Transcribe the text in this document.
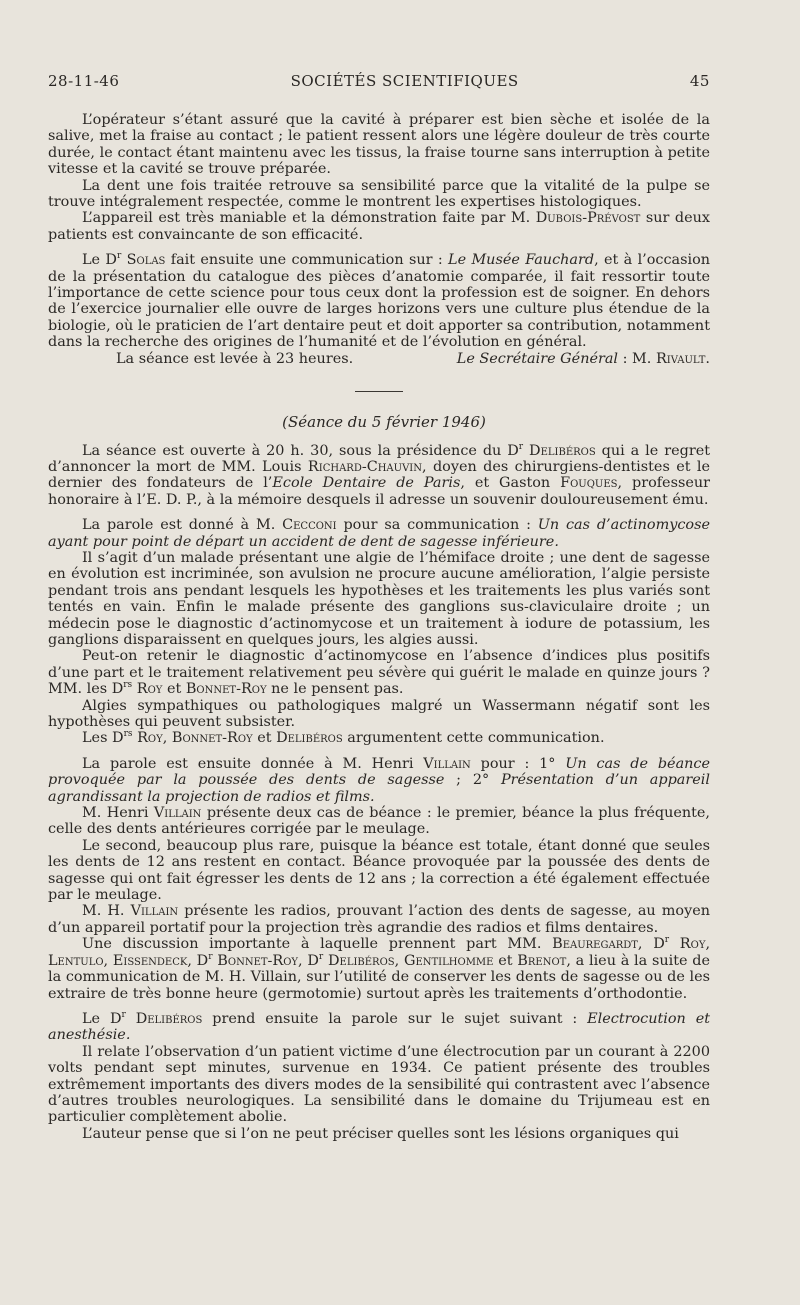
28-11-46	SOCIÉTÉS SCIENTIFIQUES	45

L’opérateur s’étant assuré que la cavité à préparer est bien sèche et isolée de la salive, met la fraise au contact ; le patient ressent alors une légère douleur de très courte durée, le contact étant maintenu avec les tissus, la fraise tourne sans interruption à petite vitesse et la cavité se trouve préparée.

La dent une fois traitée retrouve sa sensibilité parce que la vitalité de la pulpe se trouve intégralement respectée, comme le montrent les expertises histologiques.

L’appareil est très maniable et la démonstration faite par M. Dubois-Prévost sur deux patients est convaincante de son efficacité.

Le $D^r$ Solas fait ensuite une communication sur : Le Musée Fauchard, et à l’occasion de la présentation du catalogue des pièces d’anatomie comparée, il fait ressortir toute l’importance de cette science pour tous ceux dont la profession est de soigner. En dehors de l’exercice journalier elle ouvre de larges horizons vers une culture plus étendue de la biologie, où le praticien de l’art dentaire peut et doit apporter sa contribution, notamment dans la recherche des origines de l’humanité et de l’évolution en général.

La séance est levée à 23 heures.	Le Secrétaire Général : M. Rivault.

(Séance du 5 février 1946)

La séance est ouverte à 20 h. 30, sous la présidence du $D^r$ Delibéros qui a le regret d’annoncer la mort de MM. Louis Richard-Chauvin, doyen des chirurgiens-dentistes et le dernier des fondateurs de l’Ecole Dentaire de Paris, et Gaston Fouques, professeur honoraire à l’E. D. P., à la mémoire desquels il adresse un souvenir douloureusement ému.

La parole est donné à M. Cecconi pour sa communication : Un cas d’actinomycose ayant pour point de départ un accident de dent de sagesse inférieure.

Il s’agit d’un malade présentant une algie de l’hémiface droite ; une dent de sagesse en évolution est incriminée, son avulsion ne procure aucune amélioration, l’algie persiste pendant trois ans pendant lesquels les hypothèses et les traitements les plus variés sont tentés en vain. Enfin le malade présente des ganglions sus-claviculaire droite ; un médecin pose le diagnostic d’actinomycose et un traitement à iodure de potassium, les ganglions disparaissent en quelques jours, les algies aussi.

Peut-on retenir le diagnostic d’actinomycose en l’absence d’indices plus positifs d’une part et le traitement relativement peu sévère qui guérit le malade en quinze jours ? MM. les $D^{rs}$ Roy et Bonnet-Roy ne le pensent pas.

Algies sympathiques ou pathologiques malgré un Wassermann négatif sont les hypothèses qui peuvent subsister.

Les $D^{rs}$ Roy, Bonnet-Roy et Delibéros argumentent cette communication.

La parole est ensuite donnée à M. Henri Villain pour : 1° Un cas de béance provoquée par la poussée des dents de sagesse ; 2° Présentation d’un appareil agrandissant la projection de radios et films.

M. Henri Villain présente deux cas de béance : le premier, béance la plus fréquente, celle des dents antérieures corrigée par le meulage.

Le second, beaucoup plus rare, puisque la béance est totale, étant donné que seules les dents de 12 ans restent en contact. Béance provoquée par la poussée des dents de sagesse qui ont fait égresser les dents de 12 ans ; la correction a été également effectuée par le meulage.

M. H. Villain présente les radios, prouvant l’action des dents de sagesse, au moyen d’un appareil portatif pour la projection très agrandie des radios et films dentaires.

Une discussion importante à laquelle prennent part MM. Beauregardt, $D^r$ Roy, Lentulo, Eissendeck, $D^r$ Bonnet-Roy, $D^r$ Delibéros, Gentilhomme et Brenot, a lieu à la suite de la communication de M. H. Villain, sur l’utilité de conserver les dents de sagesse ou de les extraire de très bonne heure (germotomie) surtout après les traitements d’orthodontie.

Le $D^r$ Delibéros prend ensuite la parole sur le sujet suivant : Electrocution et anesthésie.

Il relate l’observation d’un patient victime d’une électrocution par un courant à 2200 volts pendant sept minutes, survenue en 1934. Ce patient présente des troubles extrêmement importants des divers modes de la sensibilité qui contrastent avec l’absence d’autres troubles neurologiques. La sensibilité dans le domaine du Trijumeau est en particulier complètement abolie.

L’auteur pense que si l’on ne peut préciser quelles sont les lésions organiques qui
